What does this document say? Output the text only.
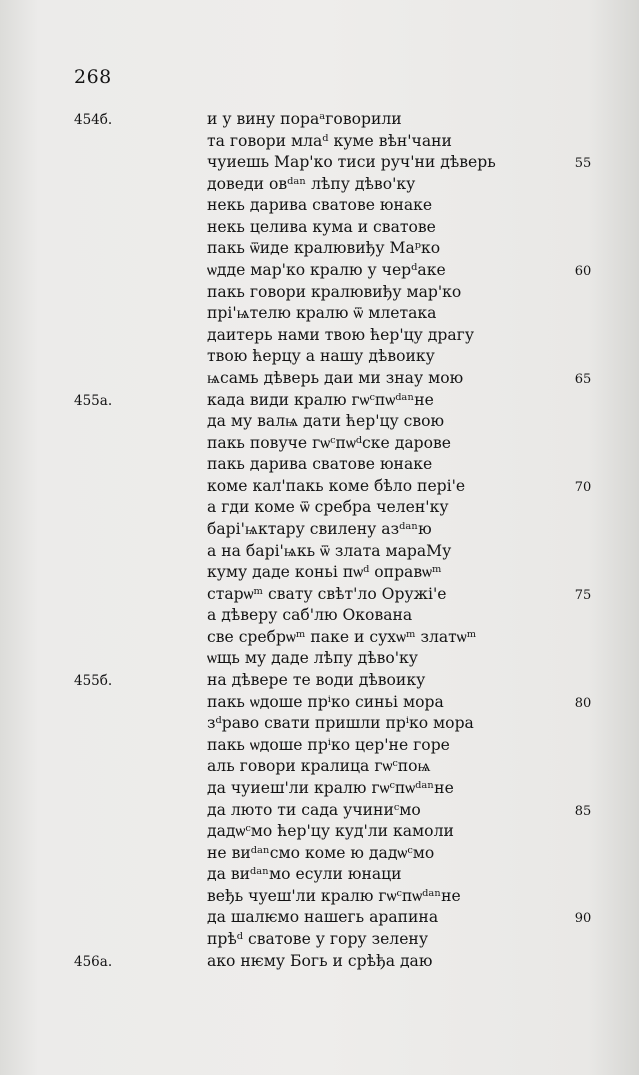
268
и у вину пораᵃговорили
та говори млаᵈ куме вѣн'чани
чуиешь Мар'ко тиси руч'ни дѣверь
доведи овᵈᵃⁿ лѣпу дѣво'ку
некь дарива сватове юнаке
некь целива кума и сватове
пакь ѿиде кралювиђу Маᵖко
ѡдде мар'ко кралю у черᵈаке
пакь говори кралювиђу мар'ко
прі'ѩтелю кралю ѿ млетака
даитерь нами твою ћер'цу драгу
твою ћерцу а нашу дѣвоику
ѩсамь дѣверь даи ми знау мою
када види кралю гѡᶜпѡᵈᵃⁿне
да му валѩ дати ћер'цу свою
пакь повуче гѡᶜпѡᵈске дарове
пакь дарива сватове юнаке
коме кал'пакь коме бѣло пері'е
а гди коме ѿ сребра челен'ку
барі'ѩктару свилену азᵈᵃⁿю
а на барі'ѩкь ѿ злата мараМу
куму даде коньі пѡᵈ оправѡᵐ
старѡᵐ свату свѣт'ло Оружі'е
а дѣверу саб'лю Окована
све сребрѡᵐ паке и сухѡᵐ златѡᵐ
ѡщь му даде лѣпу дѣво'ку
на дѣвере те води дѣвоику
пакь ѡдоше прⁱко синьі мора
зᵈраво свати пришли прⁱко мора
пакь ѡдоше прⁱко цер'не горе
аль говори кралица гѡᶜпоѩ
да чуиеш'ли кралю гѡᶜпѡᵈᵃⁿне
да люто ти сада учиниᶜмо
дадѡᶜмо ћер'цу куд'ли камоли
не виᵈᵃⁿсмо коме ю дадѡᶜмо
да виᵈᵃⁿмо есули юнаци
веђь чуеш'ли кралю гѡᶜпѡᵈᵃⁿне
да шалѥмо нашегь арапина
прѣᵈ сватове у гору зелену
ако нѥму Богь и срѣђа даю
454б.
455а.
455б.
456а.
55
60
65
70
75
80
85
90
